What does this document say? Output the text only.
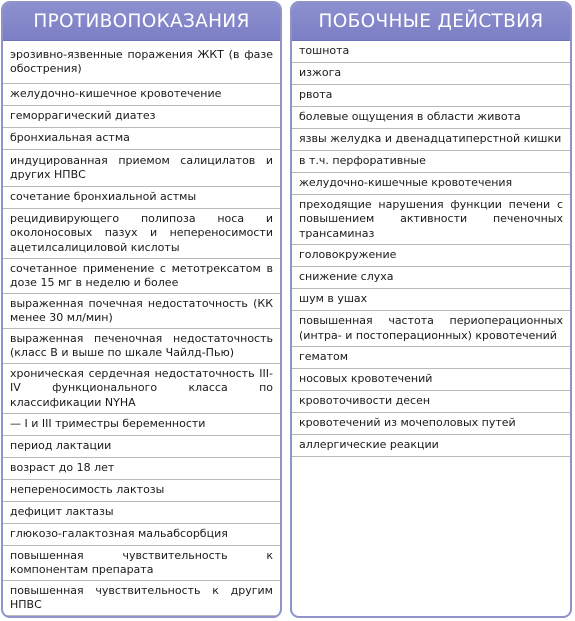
ПРОТИВОПОКАЗАНИЯ
эрозивно-язвенные поражения ЖКТ (в фазе обострения)
желудочно-кишечное кровотечение
геморрагический диатез
бронхиальная астма
индуцированная приемом салицилатов и других НПВС
сочетание бронхиальной астмы
рецидивирующего полипоза носа и околоносовых пазух и непереносимости ацетилсалициловой кислоты
сочетанное применение с метотрексатом в дозе 15 мг в неделю и более
выраженная почечная недостаточность (КК менее 30 мл/мин)
выраженная печеночная недостаточность (класс B и выше по шкале Чайлд-Пью)
хроническая сердечная недостаточность III-IV функционального класса по классификации NYHA
— I и III триместры беременности
период лактации
возраст до 18 лет
непереносимость лактозы
дефицит лактазы
глюкозо-галактозная мальабсорбция
повышенная чувствительность к компонентам препарата
повышенная чувствительность к другим НПВС
ПОБОЧНЫЕ ДЕЙСТВИЯ
тошнота
изжога
рвота
болевые ощущения в области живота
язвы желудка и двенадцатиперстной кишки
в т.ч. перфоративные
желудочно-кишечные кровотечения
преходящие нарушения функции печени с повышением активности печеночных трансаминаз
головокружение
снижение слуха
шум в ушах
повышенная частота периоперационных (интра- и постоперационных) кровотечений
гематом
носовых кровотечений
кровоточивости десен
кровотечений из мочеполовых путей
аллергические реакции
